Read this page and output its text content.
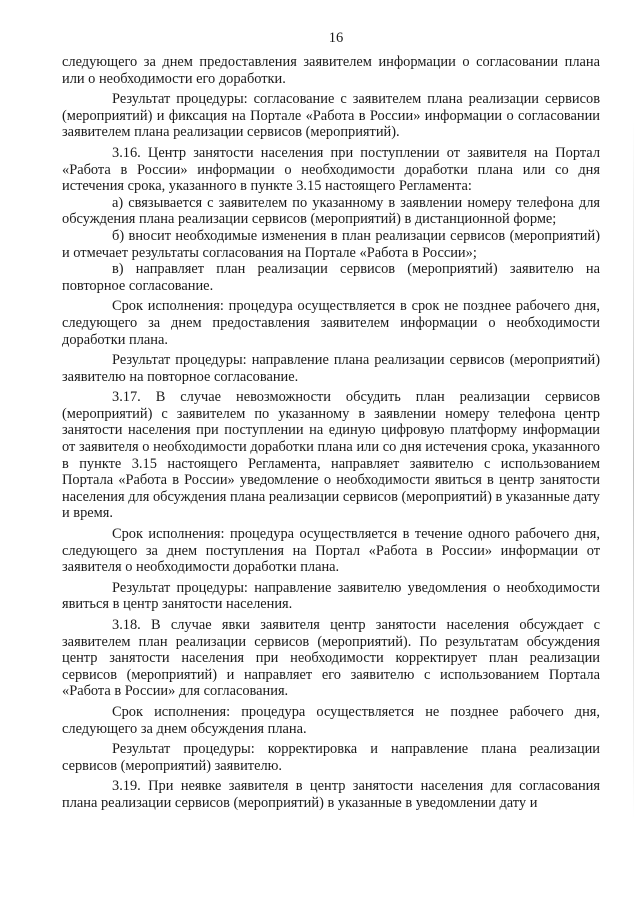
16

следующего за днем предоставления заявителем информации о согласовании плана или о необходимости его доработки.

Результат процедуры: согласование с заявителем плана реализации сервисов (мероприятий) и фиксация на Портале «Работа в России» информации о согласовании заявителем плана реализации сервисов (мероприятий).

3.16. Центр занятости населения при поступлении от заявителя на Портал «Работа в России» информации о необходимости доработки плана или со дня истечения срока, указанного в пункте 3.15 настоящего Регламента:

а) связывается с заявителем по указанному в заявлении номеру телефона для обсуждения плана реализации сервисов (мероприятий) в дистанционной форме;

б) вносит необходимые изменения в план реализации сервисов (мероприятий) и отмечает результаты согласования на Портале «Работа в России»;

в) направляет план реализации сервисов (мероприятий) заявителю на повторное согласование.

Срок исполнения: процедура осуществляется в срок не позднее рабочего дня, следующего за днем предоставления заявителем информации о необходимости доработки плана.

Результат процедуры: направление плана реализации сервисов (мероприятий) заявителю на повторное согласование.

3.17. В случае невозможности обсудить план реализации сервисов (мероприятий) с заявителем по указанному в заявлении номеру телефона центр занятости населения при поступлении на единую цифровую платформу информации от заявителя о необходимости доработки плана или со дня истечения срока, указанного в пункте 3.15 настоящего Регламента, направляет заявителю с использованием Портала «Работа в России» уведомление о необходимости явиться в центр занятости населения для обсуждения плана реализации сервисов (мероприятий) в указанные дату и время.

Срок исполнения: процедура осуществляется в течение одного рабочего дня, следующего за днем поступления на Портал «Работа в России» информации от заявителя о необходимости доработки плана.

Результат процедуры: направление заявителю уведомления о необходимости явиться в центр занятости населения.

3.18. В случае явки заявителя центр занятости населения обсуждает с заявителем план реализации сервисов (мероприятий). По результатам обсуждения центр занятости населения при необходимости корректирует план реализации сервисов (мероприятий) и направляет его заявителю с использованием Портала «Работа в России» для согласования.

Срок исполнения: процедура осуществляется не позднее рабочего дня, следующего за днем обсуждения плана.

Результат процедуры: корректировка и направление плана реализации сервисов (мероприятий) заявителю.

3.19. При неявке заявителя в центр занятости населения для согласования плана реализации сервисов (мероприятий) в указанные в уведомлении дату и
